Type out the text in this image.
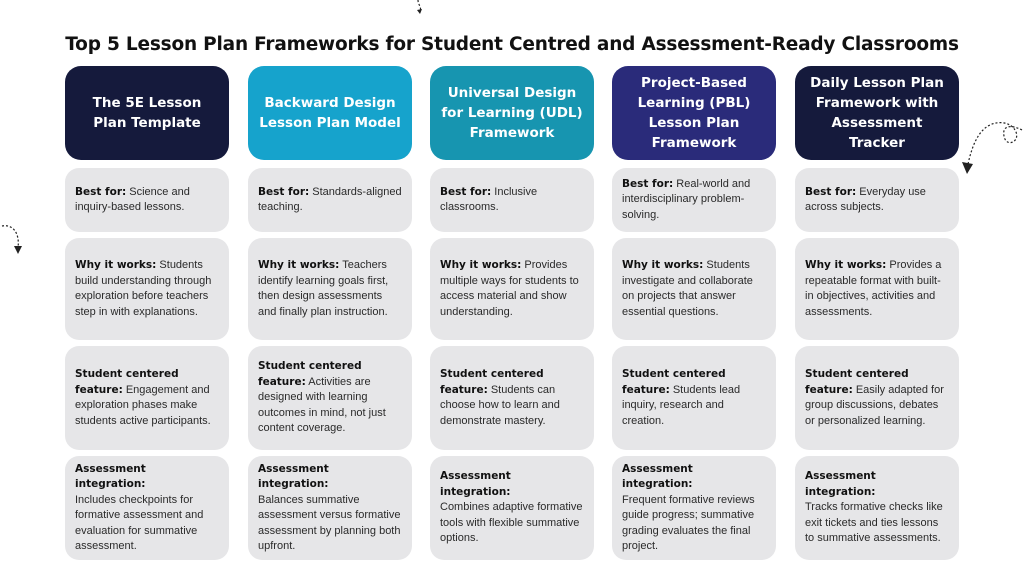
Top 5 Lesson Plan Frameworks for Student Centred and Assessment-Ready Classrooms
The 5E Lesson Plan Template
Best for: Science and inquiry-based lessons.
Why it works: Students build understanding through exploration before teachers step in with explanations.
Student centered feature: Engagement and exploration phases make students active participants.
Assessment integration:
Includes checkpoints for formative assessment and evaluation for summative assessment.
Backward Design Lesson Plan Model
Best for: Standards-aligned teaching.
Why it works: Teachers identify learning goals first, then design assessments and finally plan instruction.
Student centered feature: Activities are designed with learning outcomes in mind, not just content coverage.
Assessment integration:
Balances summative assessment versus formative assessment by planning both upfront.
Universal Design for Learning (UDL) Framework
Best for: Inclusive classrooms.
Why it works: Provides multiple ways for students to access material and show understanding.
Student centered feature: Students can choose how to learn and demonstrate mastery.
Assessment integration:
Combines adaptive formative tools with flexible summative options.
Project-Based Learning (PBL) Lesson Plan Framework
Best for: Real-world and interdisciplinary problem-solving.
Why it works: Students investigate and collaborate on projects that answer essential questions.
Student centered feature: Students lead inquiry, research and creation.
Assessment integration:
Frequent formative reviews guide progress; summative grading evaluates the final project.
Daily Lesson Plan Framework with Assessment Tracker
Best for: Everyday use across subjects.
Why it works: Provides a repeatable format with built-in objectives, activities and assessments.
Student centered feature: Easily adapted for group discussions, debates or personalized learning.
Assessment integration:
Tracks formative checks like exit tickets and ties lessons to summative assessments.
